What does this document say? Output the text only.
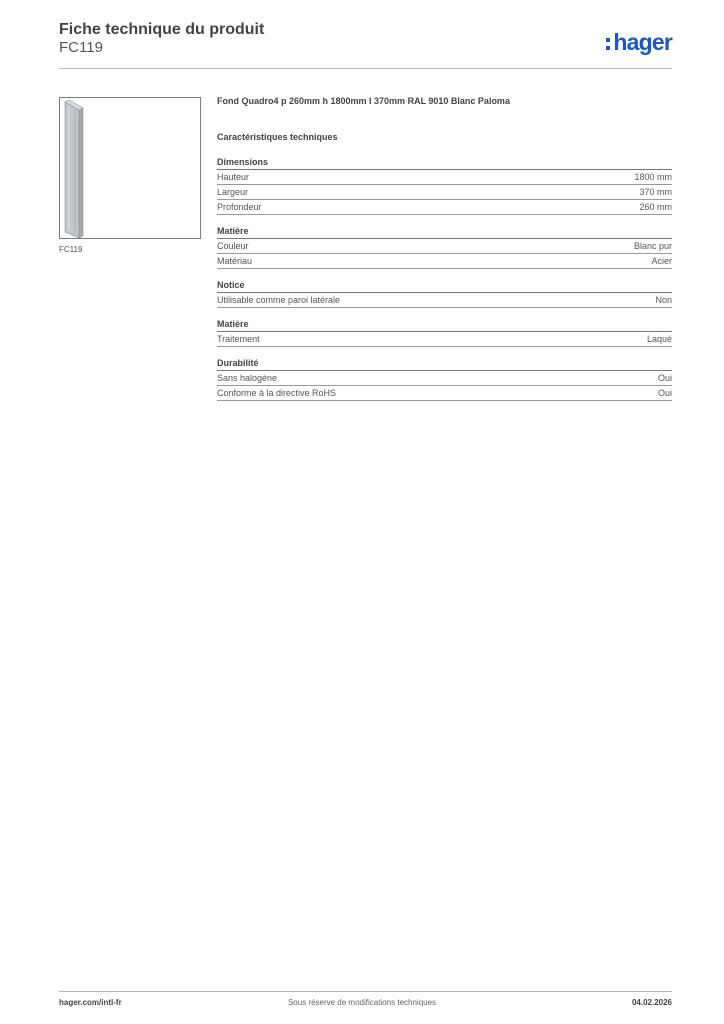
Fiche technique du produit
FC119	hager
FC119
Fond Quadro4 p 260mm h 1800mm l 370mm RAL 9010 Blanc Paloma
Caractéristiques techniques
Dimensions
Hauteur	1800 mm
Largeur	370 mm
Profondeur	260 mm
Matière
Couleur	Blanc pur
Matériau	Acier
Notice
Utilisable comme paroi latérale	Non
Matière
Traitement	Laqué
Durabilité
Sans halogène	Oui
Conforme à la directive RoHS	Oui
hager.com/intl-fr	Sous réserve de modifications techniques	04.02.2026
